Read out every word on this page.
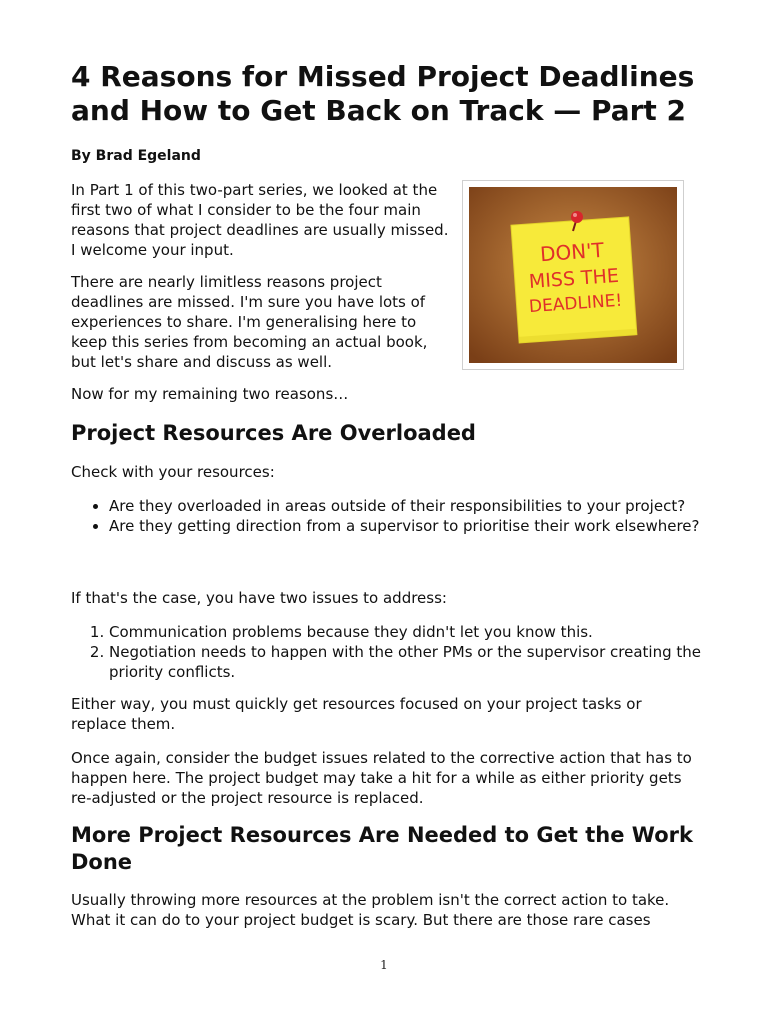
4 Reasons for Missed Project Deadlines and How to Get Back on Track — Part 2

By Brad Egeland

In Part 1 of this two-part series, we looked at the first two of what I consider to be the four main reasons that project deadlines are usually missed. I welcome your input.

There are nearly limitless reasons project deadlines are missed. I'm sure you have lots of experiences to share. I'm generalising here to keep this series from becoming an actual book, but let's share and discuss as well.

Now for my remaining two reasons…

DON'T
MISS THE
DEADLINE!
Project Resources Are Overloaded

Check with your resources:

• Are they overloaded in areas outside of their responsibilities to your project?
• Are they getting direction from a supervisor to prioritise their work elsewhere?

If that's the case, you have two issues to address:

1. Communication problems because they didn't let you know this.
2. Negotiation needs to happen with the other PMs or the supervisor creating the priority conflicts.

Either way, you must quickly get resources focused on your project tasks or replace them.

Once again, consider the budget issues related to the corrective action that has to happen here. The project budget may take a hit for a while as either priority gets re-adjusted or the project resource is replaced.

More Project Resources Are Needed to Get the Work Done

Usually throwing more resources at the problem isn't the correct action to take. What it can do to your project budget is scary. But there are those rare cases

1
